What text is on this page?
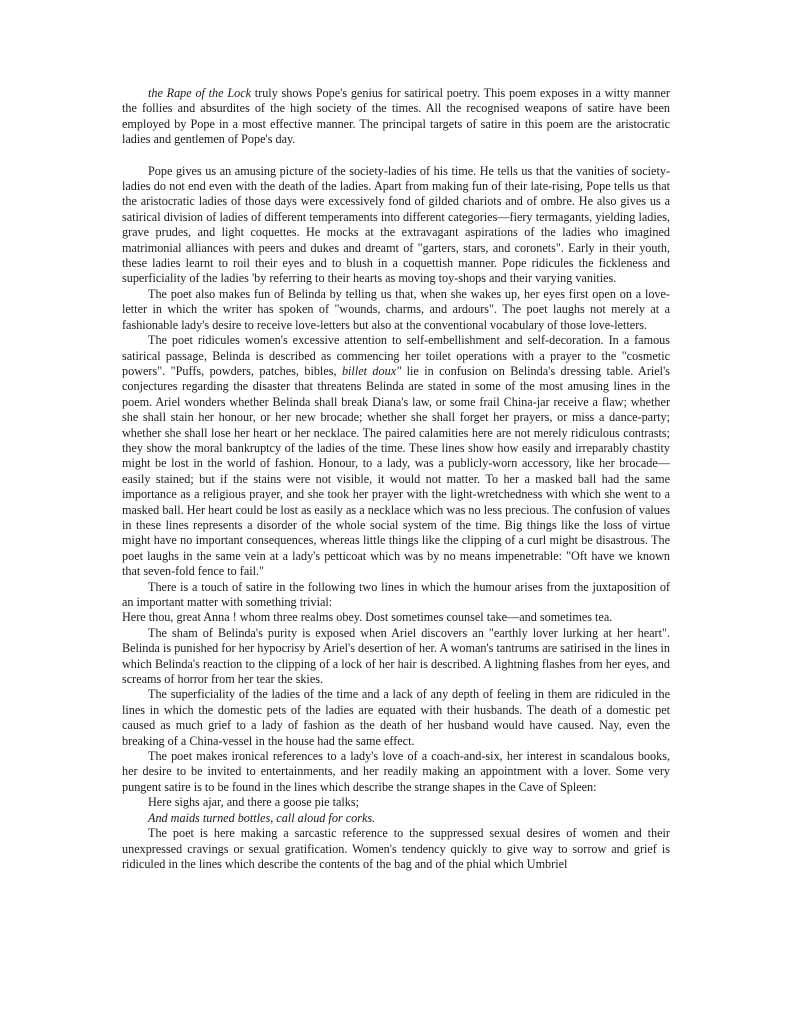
the Rape of the Lock truly shows Pope's genius for satirical poetry. This poem exposes in a witty manner the follies and absurdites of the high society of the times. All the recognised weapons of satire have been employed by Pope in a most effective manner. The principal targets of satire in this poem are the aristocratic ladies and gentlemen of Pope's day.

Pope gives us an amusing picture of the society-ladies of his time. He tells us that the vanities of society-ladies do not end even with the death of the ladies. Apart from making fun of their late-rising, Pope tells us that the aristocratic ladies of those days were excessively fond of gilded chariots and of ombre. He also gives us a satirical division of ladies of different temperaments into different categories—fiery termagants, yielding ladies, grave prudes, and light coquettes. He mocks at the extravagant aspirations of the ladies who imagined matrimonial alliances with peers and dukes and dreamt of "garters, stars, and coronets". Early in their youth, these ladies learnt to roil their eyes and to blush in a coquettish manner. Pope ridicules the fickleness and superficiality of the ladies 'by referring to their hearts as moving toy-shops and their varying vanities.

The poet also makes fun of Belinda by telling us that, when she wakes up, her eyes first open on a love-letter in which the writer has spoken of "wounds, charms, and ardours". The poet laughs not merely at a fashionable lady's desire to receive love-letters but also at the conventional vocabulary of those love-letters.

The poet ridicules women's excessive attention to self-embellishment and self-decoration. In a famous satirical passage, Belinda is described as commencing her toilet operations with a prayer to the "cosmetic powers". "Puffs, powders, patches, bibles, billet doux" lie in confusion on Belinda's dressing table. Ariel's conjectures regarding the disaster that threatens Belinda are stated in some of the most amusing lines in the poem. Ariel wonders whether Belinda shall break Diana's law, or some frail China-jar receive a flaw; whether she shall stain her honour, or her new brocade; whether she shall forget her prayers, or miss a dance-party; whether she shall lose her heart or her necklace. The paired calamities here are not merely ridiculous contrasts; they show the moral bankruptcy of the ladies of the time. These lines show how easily and irreparably chastity might be lost in the world of fashion. Honour, to a lady, was a publicly-worn accessory, like her brocade—easily stained; but if the stains were not visible, it would not matter. To her a masked ball had the same importance as a religious prayer, and she took her prayer with the light-wretchedness with which she went to a masked ball. Her heart could be lost as easily as a necklace which was no less precious. The confusion of values in these lines represents a disorder of the whole social system of the time. Big things like the loss of virtue might have no important consequences, whereas little things like the clipping of a curl might be disastrous. The poet laughs in the same vein at a lady's petticoat which was by no means impenetrable: "Oft have we known that seven-fold fence to fail."

There is a touch of satire in the following two lines in which the humour arises from the juxtaposition of an important matter with something trivial:

Here thou, great Anna ! whom three realms obey. Dost sometimes counsel take—and sometimes tea.

The sham of Belinda's purity is exposed when Ariel discovers an "earthly lover lurking at her heart". Belinda is punished for her hypocrisy by Ariel's desertion of her. A woman's tantrums are satirised in the lines in which Belinda's reaction to the clipping of a lock of her hair is described. A lightning flashes from her eyes, and screams of horror from her tear the skies.

The superficiality of the ladies of the time and a lack of any depth of feeling in them are ridiculed in the lines in which the domestic pets of the ladies are equated with their husbands. The death of a domestic pet caused as much grief to a lady of fashion as the death of her husband would have caused. Nay, even the breaking of a China-vessel in the house had the same effect.

The poet makes ironical references to a lady's love of a coach-and-six, her interest in scandalous books, her desire to be invited to entertainments, and her readily making an appointment with a lover. Some very pungent satire is to be found in the lines which describe the strange shapes in the Cave of Spleen:

Here sighs ajar, and there a goose pie talks;

And maids turned bottles, call aloud for corks.

The poet is here making a sarcastic reference to the suppressed sexual desires of women and their unexpressed cravings or sexual gratification. Women's tendency quickly to give way to sorrow and grief is ridiculed in the lines which describe the contents of the bag and of the phial which Umbriel
